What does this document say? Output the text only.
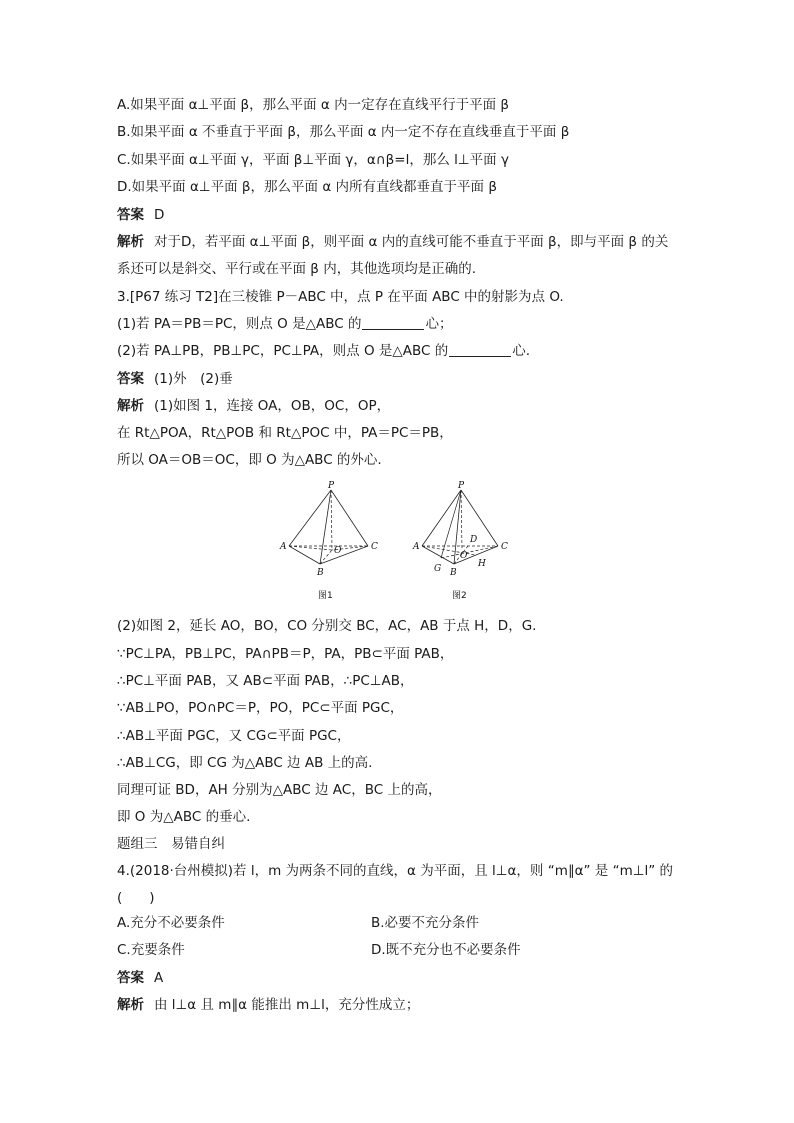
A.如果平面 α⊥平面 β，那么平面 α 内一定存在直线平行于平面 β
B.如果平面 α 不垂直于平面 β，那么平面 α 内一定不存在直线垂直于平面 β
C.如果平面 α⊥平面 γ，平面 β⊥平面 γ，α∩β=l，那么 l⊥平面 γ
D.如果平面 α⊥平面 β，那么平面 α 内所有直线都垂直于平面 β
答案 D
解析 对于D，若平面 α⊥平面 β，则平面 α 内的直线可能不垂直于平面 β，即与平面 β 的关
系还可以是斜交、平行或在平面 β 内，其他选项均是正确的.
3.[P67 练习 T2]在三棱锥 P－ABC 中，点 P 在平面 ABC 中的射影为点 O.
(1)若 PA＝PB＝PC，则点 O 是△ABC 的	心；
(2)若 PA⊥PB，PB⊥PC，PC⊥PA，则点 O 是△ABC 的	心.
答案 (1)外　(2)垂
解析 (1)如图 1，连接 OA，OB，OC，OP，
在 Rt△POA，Rt△POB 和 Rt△POC 中，PA＝PC＝PB，
所以 OA＝OB＝OC，即 O 为△ABC 的外心.
P
A
B
C
O
图1
P
A
B
C
D
O
G	H
图2
(2)如图 2，延长 AO，BO，CO 分别交 BC，AC，AB 于点 H，D，G.
∵PC⊥PA，PB⊥PC，PA∩PB＝P，PA，PB⊂平面 PAB，
∴PC⊥平面 PAB，又 AB⊂平面 PAB，∴PC⊥AB，
∵AB⊥PO，PO∩PC＝P，PO，PC⊂平面 PGC，
∴AB⊥平面 PGC，又 CG⊂平面 PGC，
∴AB⊥CG，即 CG 为△ABC 边 AB 上的高.
同理可证 BD，AH 分别为△ABC 边 AC，BC 上的高，
即 O 为△ABC 的垂心.
题组三　易错自纠
4.(2018·台州模拟)若 l，m 为两条不同的直线，α 为平面，且 l⊥α，则 “m∥α” 是 “m⊥l” 的
(　　)
A.充分不必要条件	B.必要不充分条件
C.充要条件	D.既不充分也不必要条件
答案 A
解析 由 l⊥α 且 m∥α 能推出 m⊥l，充分性成立；
